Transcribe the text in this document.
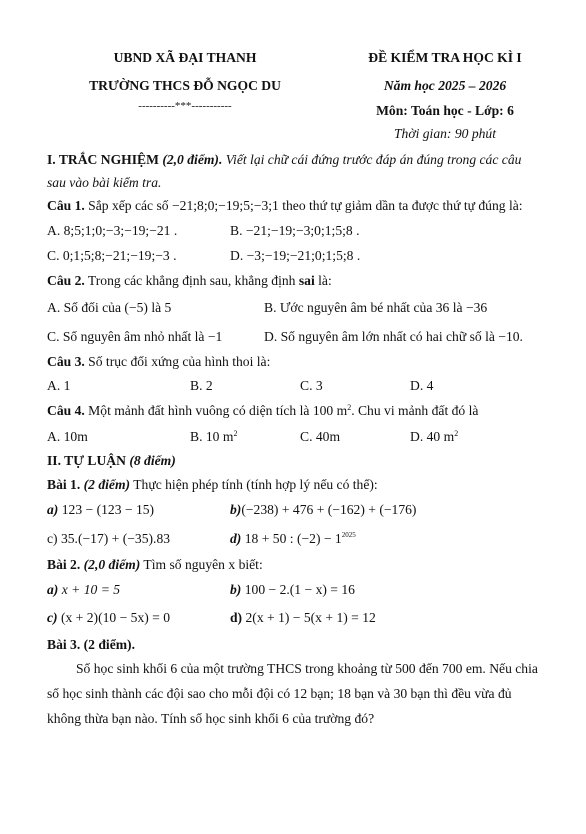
UBND XÃ ĐẠI THANH
TRƯỜNG THCS ĐỖ NGỌC DU
----------***-----------
ĐỀ KIỂM TRA HỌC KÌ I
Năm học 2025 – 2026
Môn: Toán học - Lớp: 6
Thời gian: 90 phút
I. TRẮC NGHIỆM (2,0 điểm). Viết lại chữ cái đứng trước đáp án đúng trong các câu
sau vào bài kiểm tra.
Câu 1. Sắp xếp các số −21;8;0;−19;5;−3;1 theo thứ tự giảm dần ta được thứ tự đúng là:
A. 8;5;1;0;−3;−19;−21 .	B. −21;−19;−3;0;1;5;8 .
C. 0;1;5;8;−21;−19;−3 .	D. −3;−19;−21;0;1;5;8 .
Câu 2. Trong các khẳng định sau, khẳng định sai là:
A. Số đối của (−5) là 5	B. Ước nguyên âm bé nhất của 36 là −36
C. Số nguyên âm nhỏ nhất là −1	D. Số nguyên âm lớn nhất có hai chữ số là −10.
Câu 3. Số trục đối xứng của hình thoi là:
A. 1	B. 2	C. 3	D. 4
Câu 4. Một mảnh đất hình vuông có diện tích là 100 $m^2$. Chu vi mảnh đất đó là
A. 10m	B. 10 $m^2$	C. 40m	D. 40 $m^2$
II. TỰ LUẬN (8 điểm)
Bài 1. (2 điểm) Thực hiện phép tính (tính hợp lý nếu có thể):
a) 123 − (123 − 15)	b)(−238) + 476 + (−162) + (−176)
c) 35.(−17) + (−35).83	d) 18 + 50 : $(-2) - 1^{2025}$
Bài 2. (2,0 điểm) Tìm số nguyên x biết:
a) x + 10 = 5	b) 100 − 2.(1 − x) = 16
c) (x + 2)(10 − 5x) = 0	d) 2(x + 1) − 5(x + 1) = 12
Bài 3. (2 điểm).
Số học sinh khối 6 của một trường THCS trong khoảng từ 500 đến 700 em. Nếu chia
số học sinh thành các đội sao cho mỗi đội có 12 bạn; 18 bạn và 30 bạn thì đều vừa đủ
không thừa bạn nào. Tính số học sinh khối 6 của trường đó?
